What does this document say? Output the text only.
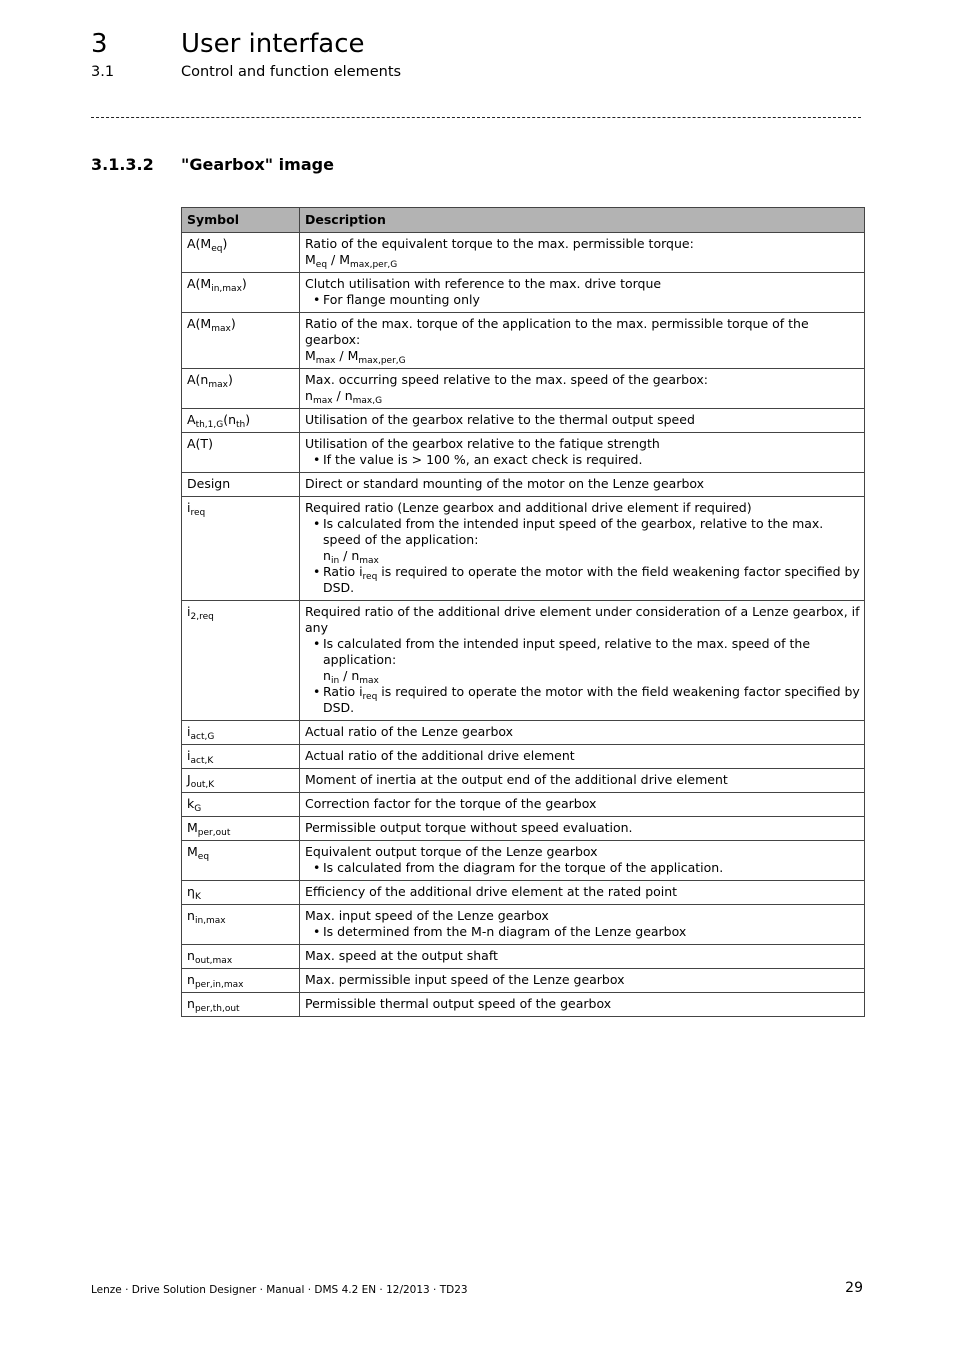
3	User interface
3.1	Control and function elements
3.1.3.2 "Gearbox" image
Symbol	Description
$A(M_{eq})$	Ratio of the equivalent torque to the max. permissible torque:
$M_{eq} / M_{max,per,G}$

$A(M_{in,max})$	Clutch utilisation with reference to the max. drive torque
• For flange mounting only

$A(M_{max})$	Ratio of the max. torque of the application to the max. permissible torque of the gearbox:
$M_{max} / M_{max,per,G}$

$A(n_{max})$	Max. occurring speed relative to the max. speed of the gearbox:
$n_{max} / n_{max,G}$

$A_{th,1,G}(n_{th})$	Utilisation of the gearbox relative to the thermal output speed

A(T)	Utilisation of the gearbox relative to the fatique strength
• If the value is > 100 %, an exact check is required.

Design	Direct or standard mounting of the motor on the Lenze gearbox

$i_{req}$	Required ratio (Lenze gearbox and additional drive element if required)
• Is calculated from the intended input speed of the gearbox, relative to the max. speed of the application:
$n_{in} / n_{max}$
• Ratio $i_{req}$ is required to operate the motor with the field weakening factor specified by DSD.

$i_{2,req}$	Required ratio of the additional drive element under consideration of a Lenze gearbox, if any
• Is calculated from the intended input speed, relative to the max. speed of the application:
$n_{in} / n_{max}$
• Ratio $i_{req}$ is required to operate the motor with the field weakening factor specified by DSD.

$i_{act,G}$	Actual ratio of the Lenze gearbox

$i_{act,K}$	Actual ratio of the additional drive element

$J_{out,K}$	Moment of inertia at the output end of the additional drive element

$k_G$	Correction factor for the torque of the gearbox

$M_{per,out}$	Permissible output torque without speed evaluation.

$M_{eq}$	Equivalent output torque of the Lenze gearbox
• Is calculated from the diagram for the torque of the application.

$\eta_K$	Efficiency of the additional drive element at the rated point

$n_{in,max}$	Max. input speed of the Lenze gearbox
• Is determined from the M-n diagram of the Lenze gearbox

$n_{out,max}$	Max. speed at the output shaft

$n_{per,in,max}$	Max. permissible input speed of the Lenze gearbox

$n_{per,th,out}$	Permissible thermal output speed of the gearbox
Lenze · Drive Solution Designer · Manual · DMS 4.2 EN · 12/2013 · TD23	29
